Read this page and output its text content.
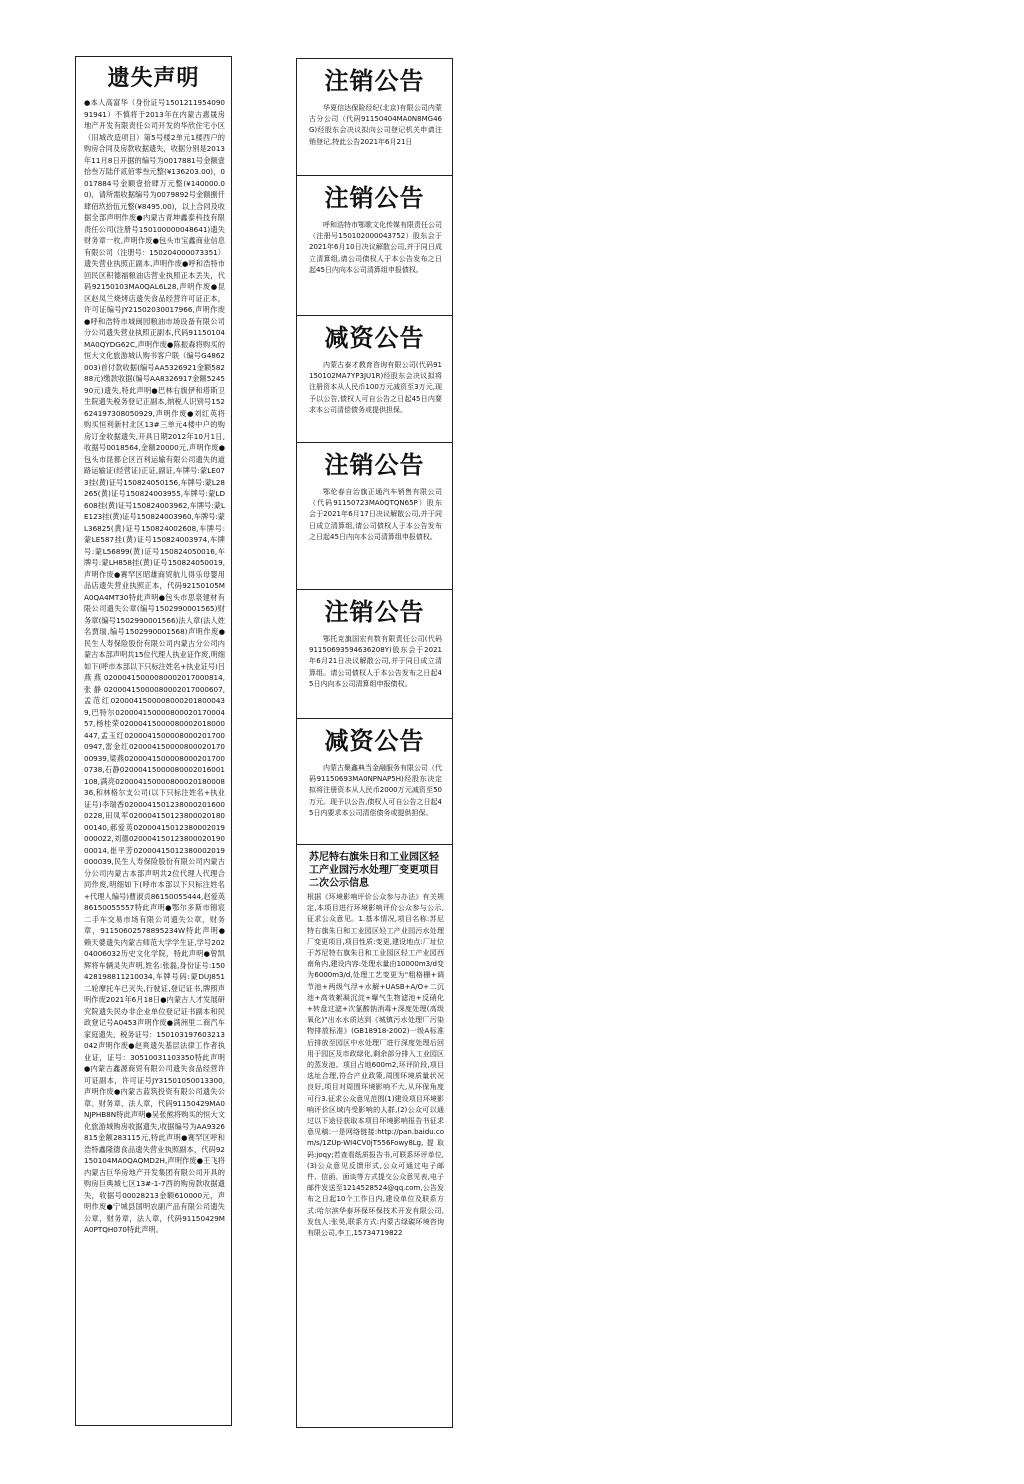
遗失声明
●本人高富华（身份证号150121195409091941）不慎将于2013年在内蒙古惠晟房地产开发有限责任公司开发的华欣住宅小区（旧城改造项目）第5号楼2单元1楼西户的购房合同及房款收据遗失，收据分别是2013年11月8日开据的编号为0017881号金额壹拾叁万陆仟贰佰零叁元整(¥136203.00)，0017884号金额壹拾肆万元整(¥140000.00)，请所需收据编号为0079892号金额捌仟肆佰玖拾伍元整(¥8495.00)，以上合同及收据全部声明作废●内蒙古青坤鑫泰科技有限责任公司(注册号150100000048641)遗失财务章一枚,声明作废●包头市宝鑫商业信息有限公司（注册号：150204000073351）遗失营业执照正副本,声明作废●呼和浩特市回民区积德福粮油店营业执照正本丢失，代码92150103MA0QAL6L28,声明作废●昆区赵凤兰烧烤店遗失食品经营许可证正本，许可证编号JY21502030017966,声明作废●呼和浩特市城闽园粮油市场设备有限公司分公司遗失营业执照正副本,代码91150104MA0QYDG62C,声明作废●陈振森将购买的恒大文化旅游城认购书客户联（编号G4862003)首付款收据(编号AA5326921金额58288元)缴款收据(编号AA8326917金额524590元)遗失,特此声明●巴林右旗伊和塔斯卫生院遗失税务登记正副本,纳税人识别号152624197308050929,声明作废●刘红英将购买恒利新村北区13#三单元4楼中户的购房订金收据遗失,开具日期2012年10月1日,收据号0018564,金额20000元,声明作废●包头市昆都仑区百利运输有限公司遗失的道路运输证(经营证)正证,副证,车牌号:蒙LE073挂(黄)证号150824050156,车牌号:蒙L28265(黄)证号150824003955,车牌号:蒙LD608挂(黄)证号150824003962,车牌号:蒙LE123挂(黄)证号150824003960,车牌号:蒙L36825(黄)证号150824002608,车牌号:蒙LE587挂(黄)证号150824003974,车牌号:蒙L56899(黄)证号150824050016,车牌号:蒙LH858挂(黄)证号150824050019,声明作废●赛罕区昭雄商贸航儿得乐母婴用品店遗失营业执照正本，代码92150105MA0QA4MT30特此声明●包头市思泉建材有限公司遗失公章(编号1502990001565)财务章(编号1502990001566)法人章(法人姓名贾瑞,编号1502990001568)声明作废●民生人寿保险股份有限公司内蒙古分公司内蒙古本部声明共15位代理人执业证作废,明细如下(呼市本部以下只标注姓名+执业证号)吕燕燕02000415000080002017000814,张静02000415000080002017000607,孟范红02000415000080002018000439,巴特尔02000415000080002017000457,杨桂荣02000415000080002018000447,孟玉红02000415000080002017000947,雷金红02000415000080002017000939,梁燕02000415000080002017000738,石静02000415000080002016001108,满亮02000415000080002018000836,和林格尔支公司(以下只标注姓名+执业证号)李瑞香02000415012380002016000228,田凤军02000415012380002018000140,郝爱英02000415012380002019000022,刘德02000415012380002019000014,崔平芳02000415012380002019000039,民生人寿保险股份有限公司内蒙古分公司内蒙古本部声明共2位代理人代理合同作废,明细如下(呼市本部以下只标注姓名+代理人编号)曹淑贞86150055444,赵爱英86150055557特此声明●鄂尔多斯市锦宸二手车交易市场有限公司遗失公章，财务章，91150602578895234W特此声明●赖天婆遗失内蒙古师范大学学生证,学号20204006032历史文化学院，特此声明●曾凯辉将车辆灵失声明,姓名:张磊,身份证号:150428198811210034,车牌号码:蒙DUJ851二轮摩托车已灭失,行驶证,登记证书,牌照声明作废2021年6月18日●内蒙古人才发展研究院遗失民办非企业单位登记证书副本和民政登记号A0453声明作废●满洲里二商汽车家庭遗失，税务证号：150103197603213042声明作废●赵爽遗失基层法律工作者执业证，证号：30510031103350特此声明●内蒙古鑫源商贸有限公司遗失食品经营许可证副本，许可证号JY31501050013300,声明作废●内蒙古蓝筑投资有限公司遗失公章、财务章、法人章，代码91150429MA0NJPHB8N特此声明●吴张熊将购买的恒大文化旅游城购房收据遗失,收据编号为AA9326815金额283115元,特此声明●赛罕区呼和浩特鑫隆德食品遗失营业执照副本，代码92150104MA0QAQMD2H,声明作废●王飞将内蒙古巨华房地产开发集团有限公司开具的购房巨典城七区13#-1-7西的购房款收据遗失，收据号00028213金额610000元，声明作废●宁城县国明农副产品有限公司遗失公章，财务章，法人章，代码91150429MA0PTQH070特此声明。
注销公告
华夏信达保险经纪(北京)有限公司内蒙古分公司（代码91150404MA0N8MG46G)经股东会决议拟向公司登记机关申请注销登记,特此公告2021年6月21日
注销公告
呼和浩特市鄂歌文化传媒有限责任公司（注册号150102000043752）股东会于2021年6月10日决议解散公司,并于同日成立清算组,请公司债权人于本公告发布之日起45日内向本公司清算组申报债权。
减资公告
内蒙古泰才教育咨询有限公司(代码91150102MA7YP3JU1R)经股东会决议拟将注册资本从人民币100万元减资至3万元,现予以公告,债权人可自公告之日起45日内要求本公司清偿债务或提供担保。
注销公告
鄂伦春自治旗正通汽车销售有限公司（代码91150723MA0QTQN65P）股东会于2021年6月17日决议解散公司,并于同日成立清算组,请公司债权人于本公告发布之日起45日内向本公司清算组申报债权。
注销公告
鄂托克旗国宏有数有限责任公司(代码91150693594636208Y)股东会于2021年6月21日决议解散公司,并于同日成立清算组。请公司债权人于本公告发布之日起45日内向本公司清算组申报债权。
减资公告
内蒙古聚鑫典当金融服务有限公司（代码91150693MA0NPNAP5H)经股东决定拟将注册资本从人民币2000万元减资至50万元。现予以公告,债权人可自公告之日起45日内要求本公司清偿债务或提供担保。
苏尼特右旗朱日和工业园区轻工产业园污水处理厂变更项目二次公示信息
根据《环境影响评价公众参与办法》有关规定,本项目进行环境影响评价公众参与公示,征求公众意见。1.基本情况,项目名称:苏尼特右旗朱日和工业园区轻工产业园污水处理厂变更项目,项目性质:变更,建设地点:厂址位于苏尼特右旗朱日和工业园区轻工产业园西南角内,建设内容:处理水量由10000m3/d变为6000m3/d,处理工艺变更为"粗格栅+调节池+两级气浮+水解+UASB+A/O+二沉池+高效絮凝沉淀+曝气生物滤池+反硝化+转盘过滤+次氯酸钠消毒+深度处理(高级氧化)"出水水质达到《城镇污水处理厂污染物排放标准》(GB18918-2002)一级A标准后排放至园区中水处理厂进行深度处理后回用于园区及市政绿化,剩余部分排入工业园区的蒸发池。项目占地600m2,环评阶段,项目选址合理,符合产业政策,周围环境质量状况良好,项目对周围环境影响不大,从环保角度可行3.征求公众意见范围(1)建设项目环境影响评价区域内受影响的人群,(2)公众可以通过以下途径获取本项目环境影响报告书征求意见稿:一是网络链接:http://pan.baidu.com/s/1ZUp-WI4CV0jT556Fowy8Lg,提取码:joqy;若查看纸质报告书,可联系环评单位,(3)公众意见反馈形式,公众可通过电子邮件、信函、面谈等方式提交公众意见表,电子邮件发送至1214528524@qq.com,公告发布之日起10个工作日内,建设单位及联系方式:哈尔滨华泰环保环保技术开发有限公司,发包人:张昊,联系方式:内蒙古绿碳环境咨询有限公司,李工,15734719822
